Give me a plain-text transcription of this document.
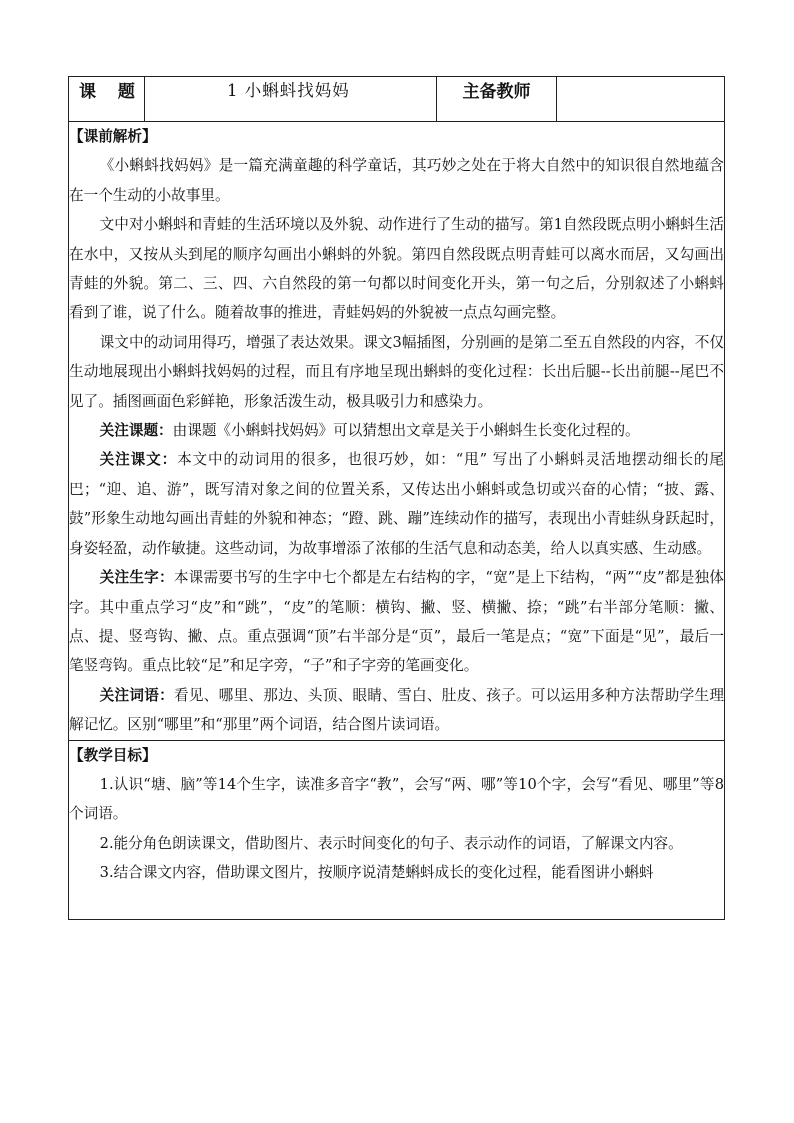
课 题	1 小蝌蚪找妈妈	主备教师	

【课前解析】
《小蝌蚪找妈妈》是一篇充满童趣的科学童话，其巧妙之处在于将大自然中的知识很自然地蕴含在一个生动的小故事里。
文中对小蝌蚪和青蛙的生活环境以及外貌、动作进行了生动的描写。第1自然段既点明小蝌蚪生活在水中，又按从头到尾的顺序勾画出小蝌蚪的外貌。第四自然段既点明青蛙可以离水而居，又勾画出青蛙的外貌。第二、三、四、六自然段的第一句都以时间变化开头，第一句之后，分别叙述了小蝌蚪看到了谁，说了什么。随着故事的推进，青蛙妈妈的外貌被一点点勾画完整。
课文中的动词用得巧，增强了表达效果。课文3幅插图，分别画的是第二至五自然段的内容，不仅生动地展现出小蝌蚪找妈妈的过程，而且有序地呈现出蝌蚪的变化过程：长出后腿--长出前腿--尾巴不见了。插图画面色彩鲜艳，形象活泼生动，极具吸引力和感染力。
关注课题：由课题《小蝌蚪找妈妈》可以猜想出文章是关于小蝌蚪生长变化过程的。
关注课文：本文中的动词用的很多，也很巧妙，如：“甩” 写出了小蝌蚪灵活地摆动细长的尾巴；“迎、追、游”，既写清对象之间的位置关系，又传达出小蝌蚪或急切或兴奋的心情；“披、露、鼓”形象生动地勾画出青蛙的外貌和神态；“蹬、跳、蹦”连续动作的描写，表现出小青蛙纵身跃起时，身姿轻盈，动作敏捷。这些动词，为故事增添了浓郁的生活气息和动态美，给人以真实感、生动感。
关注生字：本课需要书写的生字中七个都是左右结构的字，“宽”是上下结构，“两”“皮”都是独体字。其中重点学习“皮”和“跳”，“皮”的笔顺：横钩、撇、竖、横撇、捺；“跳”右半部分笔顺：撇、点、提、竖弯钩、撇、点。重点强调“顶”右半部分是“页”，最后一笔是点；“宽”下面是“见”，最后一笔竖弯钩。重点比较“足”和足字旁，“子”和子字旁的笔画变化。
关注词语：看见、哪里、那边、头顶、眼睛、雪白、肚皮、孩子。可以运用多种方法帮助学生理解记忆。区别“哪里”和“那里”两个词语，结合图片读词语。

【教学目标】
1.认识“塘、脑”等14个生字，读准多音字“教”，会写“两、哪”等10个字，会写“看见、哪里”等8个词语。
2.能分角色朗读课文，借助图片、表示时间变化的句子、表示动作的词语，了解课文内容。
3.结合课文内容，借助课文图片，按顺序说清楚蝌蚪成长的变化过程，能看图讲小蝌蚪
